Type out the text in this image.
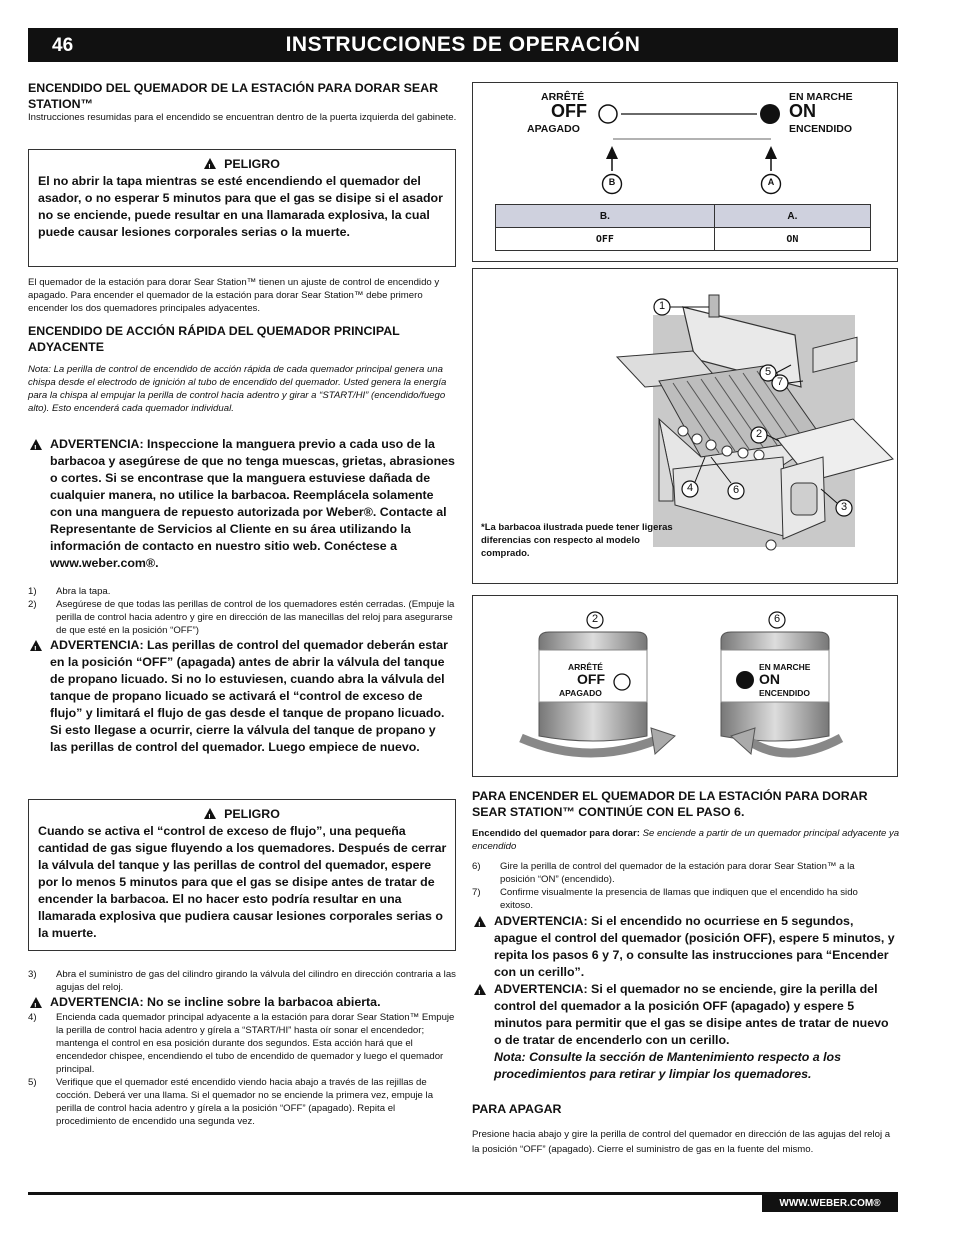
46	INSTRUCCIONES DE OPERACIÓN
ENCENDIDO DEL QUEMADOR DE LA ESTACIÓN PARA DORAR SEAR STATION™
Instrucciones resumidas para el encendido se encuentran dentro de la puerta izquierda del gabinete.
!PELIGRO
El no abrir la tapa mientras se esté encendiendo el quemador del asador, o no esperar 5 minutos para que el gas se disipe si el asador no se enciende, puede resultar en una llamarada explosiva, la cual puede causar lesiones corporales serias o la muerte.
El quemador de la estación para dorar Sear Station™ tienen un ajuste de control de encendido y apagado. Para encender el quemador de la estación para dorar Sear Station™ debe primero encender los dos quemadores principales adyacentes.
ENCENDIDO DE ACCIÓN RÁPIDA DEL QUEMADOR PRINCIPAL ADYACENTE
Nota: La perilla de control de encendido de acción rápida de cada quemador principal genera una chispa desde el electrodo de ignición al tubo de encendido del quemador. Usted genera la energía para la chispa al empujar la perilla de control hacia adentro y girar a “START/HI” (encendido/fuego alto). Esto encenderá cada quemador individual.
!
ADVERTENCIA: Inspeccione la manguera previo a cada uso de la barbacoa y asegúrese de que no tenga muescas, grietas, abrasiones o cortes. Si se encontrase que la manguera estuviese dañada de cualquier manera, no utilice la barbacoa. Reemplácela solamente con una manguera de repuesto autorizada por Weber®. Contacte al Representante de Servicios al Cliente en su área utilizando la información de contacto en nuestro sitio web. Conéctese a www.weber.com®.
1) Abra la tapa.
2) Asegúrese de que todas las perillas de control de los quemadores estén cerradas. (Empuje la perilla de control hacia adentro y gire en dirección de las manecillas del reloj para asegurarse de que esté en la posición “OFF”)
!
ADVERTENCIA: Las perillas de control del quemador deberán estar en la posición “OFF” (apagada) antes de abrir la válvula del tanque de propano licuado. Si no lo estuviesen, cuando abra la válvula del tanque de propano licuado se activará el “control de exceso de flujo” y limitará el flujo de gas desde el tanque de propano licuado. Si esto llegase a ocurrir, cierre la válvula del tanque de propano y las perillas de control del quemador. Luego empiece de nuevo.
!PELIGRO
Cuando se activa el “control de exceso de flujo”, una pequeña cantidad de gas sigue fluyendo a los quemadores. Después de cerrar la válvula del tanque y las perillas de control del quemador, espere por lo menos 5 minutos para que el gas se disipe antes de tratar de encender la barbacoa. El no hacer esto podría resultar en una llamarada explosiva que pudiera causar lesiones corporales serias o la muerte.
3) Abra el suministro de gas del cilindro girando la válvula del cilindro en dirección contraria a las agujas del reloj.
!
ADVERTENCIA: No se incline sobre la barbacoa abierta.
4) Encienda cada quemador principal adyacente a la estación para dorar Sear Station™ Empuje la perilla de control hacia adentro y gírela a “START/HI” hasta oír sonar el encendedor; mantenga el control en esa posición durante dos segundos. Esta acción hará que el encendedor chispee, encendiendo el tubo de encendido de quemador y luego el quemador principal.
5) Verifique que el quemador esté encendido viendo hacia abajo a través de las rejillas de cocción. Deberá ver una llama. Si el quemador no se enciende la primera vez, empuje la perilla de control hacia adentro y gírela a la posición “OFF” (apagado). Repita el procedimiento de encendido una segunda vez.
ARRÊTÉ
OFF
APAGADO
EN MARCHE
ON
ENCENDIDO
B	A
B.	A.
OFF	ON
1
5
7
2
4	6
3
*La barbacoa ilustrada puede tener ligeras diferencias con respecto al modelo comprado.
2	6
ARRÊTÉ
OFF
APAGADO
EN MARCHE
ON
ENCENDIDO
PARA ENCENDER EL QUEMADOR DE LA ESTACIÓN PARA DORAR SEAR STATION™ CONTINÚE CON EL PASO 6.
Encendido del quemador para dorar: Se enciende a partir de un quemador principal adyacente ya encendido
6) Gire la perilla de control del quemador de la estación para dorar Sear Station™ a la posición “ON” (encendido).
7) Confirme visualmente la presencia de llamas que indiquen que el encendido ha sido exitoso.
!
ADVERTENCIA: Si el encendido no ocurriese en 5 segundos, apague el control del quemador (posición OFF), espere 5 minutos, y repita los pasos 6 y 7, o consulte las instrucciones para “Encender con un cerillo”.
!
ADVERTENCIA: Si el quemador no se enciende, gire la perilla del control del quemador a la posición OFF (apagado) y espere 5 minutos para permitir que el gas se disipe antes de tratar de nuevo o de tratar de encenderlo con un cerillo.
Nota: Consulte la sección de Mantenimiento respecto a los procedimientos para retirar y limpiar los quemadores.
PARA APAGAR
Presione hacia abajo y gire la perilla de control del quemador en dirección de las agujas del reloj a la posición “OFF” (apagado). Cierre el suministro de gas en la fuente del mismo.
WWW.WEBER.COM®
